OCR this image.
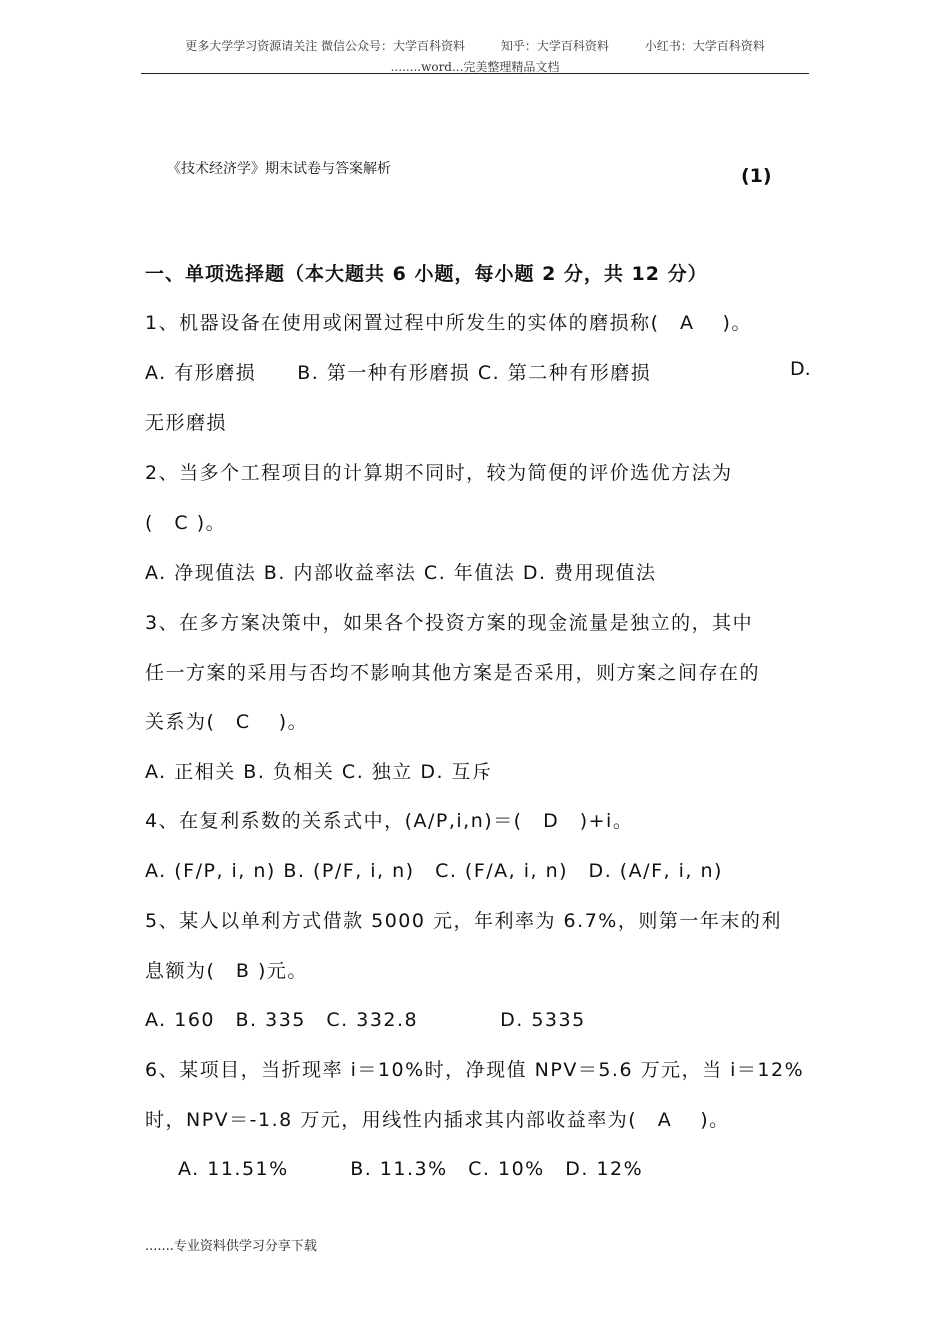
更多大学学习资源请关注 微信公众号：大学百科资料	知乎：大学百科资料	小红书：大学百科资料
........word...完美整理精品文档
《技术经济学》期末试卷与答案解析	(1)
一、单项选择题（本大题共 6 小题，每小题 2 分，共 12 分）
1、机器设备在使用或闲置过程中所发生的实体的磨损称(　A　 )。
A. 有形磨损　　B. 第一种有形磨损 C. 第二种有形磨损	D.
无形磨损
2、当多个工程项目的计算期不同时，较为简便的评价选优方法为
(　C )。
A. 净现值法 B. 内部收益率法 C. 年值法 D. 费用现值法
3、在多方案决策中，如果各个投资方案的现金流量是独立的，其中
任一方案的采用与否均不影响其他方案是否采用，则方案之间存在的
关系为(　C　 )。
A. 正相关 B. 负相关 C. 独立 D. 互斥
4、在复利系数的关系式中，(A/P,i,n)＝(　D　)+i。
A. (F/P, i, n) B. (P/F, i, n)　C. (F/A, i, n)　D. (A/F, i, n)
5、某人以单利方式借款 5000 元，年利率为 6.7%，则第一年末的利
息额为(　B )元。
A. 160　B. 335　C. 332.8　　　　D. 5335
6、某项目，当折现率 i＝10%时，净现值 NPV＝5.6 万元，当 i＝12%
时，NPV＝-1.8 万元，用线性内插求其内部收益率为(　A　 )。
A. 11.51%　　　B. 11.3%　C. 10%　D. 12%
.......专业资料供学习分享下载
